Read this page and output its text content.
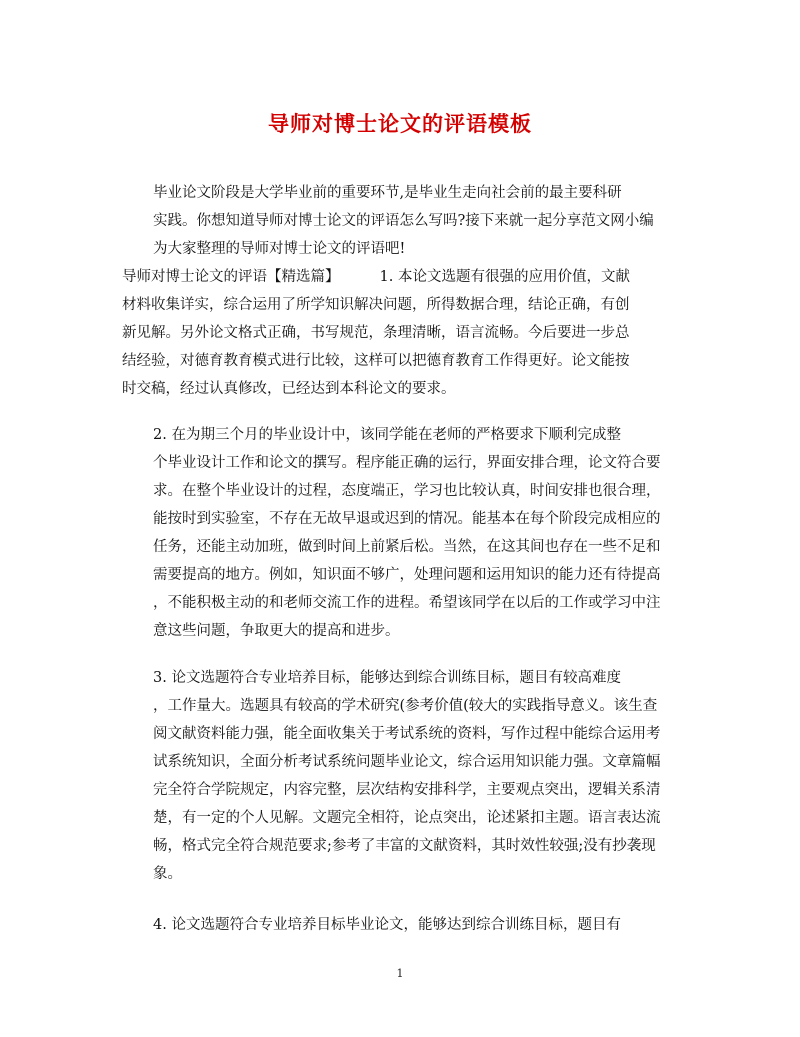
导师对博士论文的评语模板

毕业论文阶段是大学毕业前的重要环节,是毕业生走向社会前的最主要科研
实践。你想知道导师对博士论文的评语怎么写吗?接下来就一起分享范文网小编
为大家整理的导师对博士论文的评语吧!

导师对博士论文的评语【精选篇】	1. 本论文选题有很强的应用价值，文献
材料收集详实，综合运用了所学知识解决问题，所得数据合理，结论正确，有创
新见解。另外论文格式正确，书写规范，条理清晰，语言流畅。今后要进一步总
结经验，对德育教育模式进行比较，这样可以把德育教育工作得更好。论文能按
时交稿，经过认真修改，已经达到本科论文的要求。

2. 在为期三个月的毕业设计中，该同学能在老师的严格要求下顺利完成整
个毕业设计工作和论文的撰写。程序能正确的运行，界面安排合理，论文符合要
求。在整个毕业设计的过程，态度端正，学习也比较认真，时间安排也很合理，
能按时到实验室，不存在无故早退或迟到的情况。能基本在每个阶段完成相应的
任务，还能主动加班，做到时间上前紧后松。当然，在这其间也存在一些不足和
需要提高的地方。例如，知识面不够广，处理问题和运用知识的能力还有待提高
，不能积极主动的和老师交流工作的进程。希望该同学在以后的工作或学习中注
意这些问题，争取更大的提高和进步。

3. 论文选题符合专业培养目标，能够达到综合训练目标，题目有较高难度
，工作量大。选题具有较高的学术研究(参考价值(较大的实践指导意义。该生查
阅文献资料能力强，能全面收集关于考试系统的资料，写作过程中能综合运用考
试系统知识，全面分析考试系统问题毕业论文，综合运用知识能力强。文章篇幅
完全符合学院规定，内容完整，层次结构安排科学，主要观点突出，逻辑关系清
楚，有一定的个人见解。文题完全相符，论点突出，论述紧扣主题。语言表达流
畅，格式完全符合规范要求;参考了丰富的文献资料，其时效性较强;没有抄袭现
象。

4. 论文选题符合专业培养目标毕业论文，能够达到综合训练目标，题目有

1
